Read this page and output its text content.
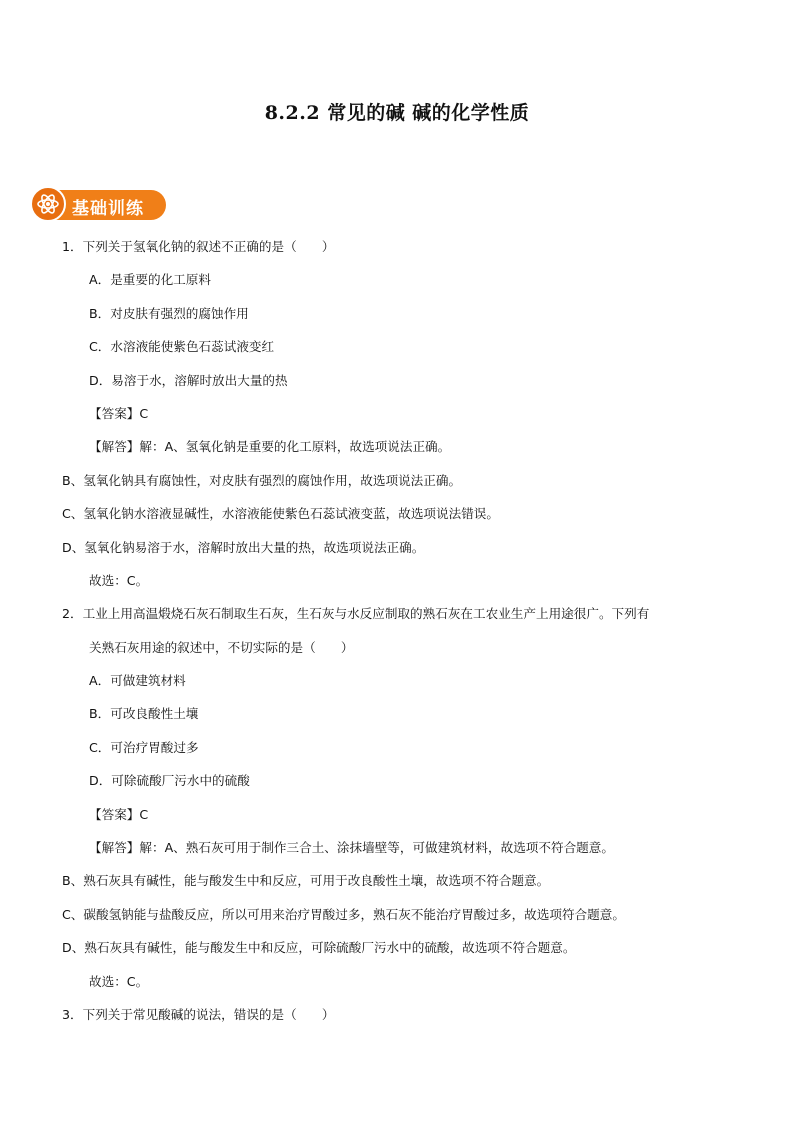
8.2.2 常见的碱 碱的化学性质
基础训练
1．下列关于氢氧化钠的叙述不正确的是（　　）
A．是重要的化工原料
B．对皮肤有强烈的腐蚀作用
C．水溶液能使紫色石蕊试液变红
D．易溶于水，溶解时放出大量的热
【答案】C
【解答】解：A、氢氧化钠是重要的化工原料，故选项说法正确。
B、氢氧化钠具有腐蚀性，对皮肤有强烈的腐蚀作用，故选项说法正确。
C、氢氧化钠水溶液显碱性，水溶液能使紫色石蕊试液变蓝，故选项说法错误。
D、氢氧化钠易溶于水，溶解时放出大量的热，故选项说法正确。
故选：C。
2．工业上用高温煅烧石灰石制取生石灰，生石灰与水反应制取的熟石灰在工农业生产上用途很广。下列有
关熟石灰用途的叙述中，不切实际的是（　　）
A．可做建筑材料
B．可改良酸性土壤
C．可治疗胃酸过多
D．可除硫酸厂污水中的硫酸
【答案】C
【解答】解：A、熟石灰可用于制作三合土、涂抹墙壁等，可做建筑材料，故选项不符合题意。
B、熟石灰具有碱性，能与酸发生中和反应，可用于改良酸性土壤，故选项不符合题意。
C、碳酸氢钠能与盐酸反应，所以可用来治疗胃酸过多，熟石灰不能治疗胃酸过多，故选项符合题意。
D、熟石灰具有碱性，能与酸发生中和反应，可除硫酸厂污水中的硫酸，故选项不符合题意。
故选：C。
3．下列关于常见酸碱的说法，错误的是（　　）
